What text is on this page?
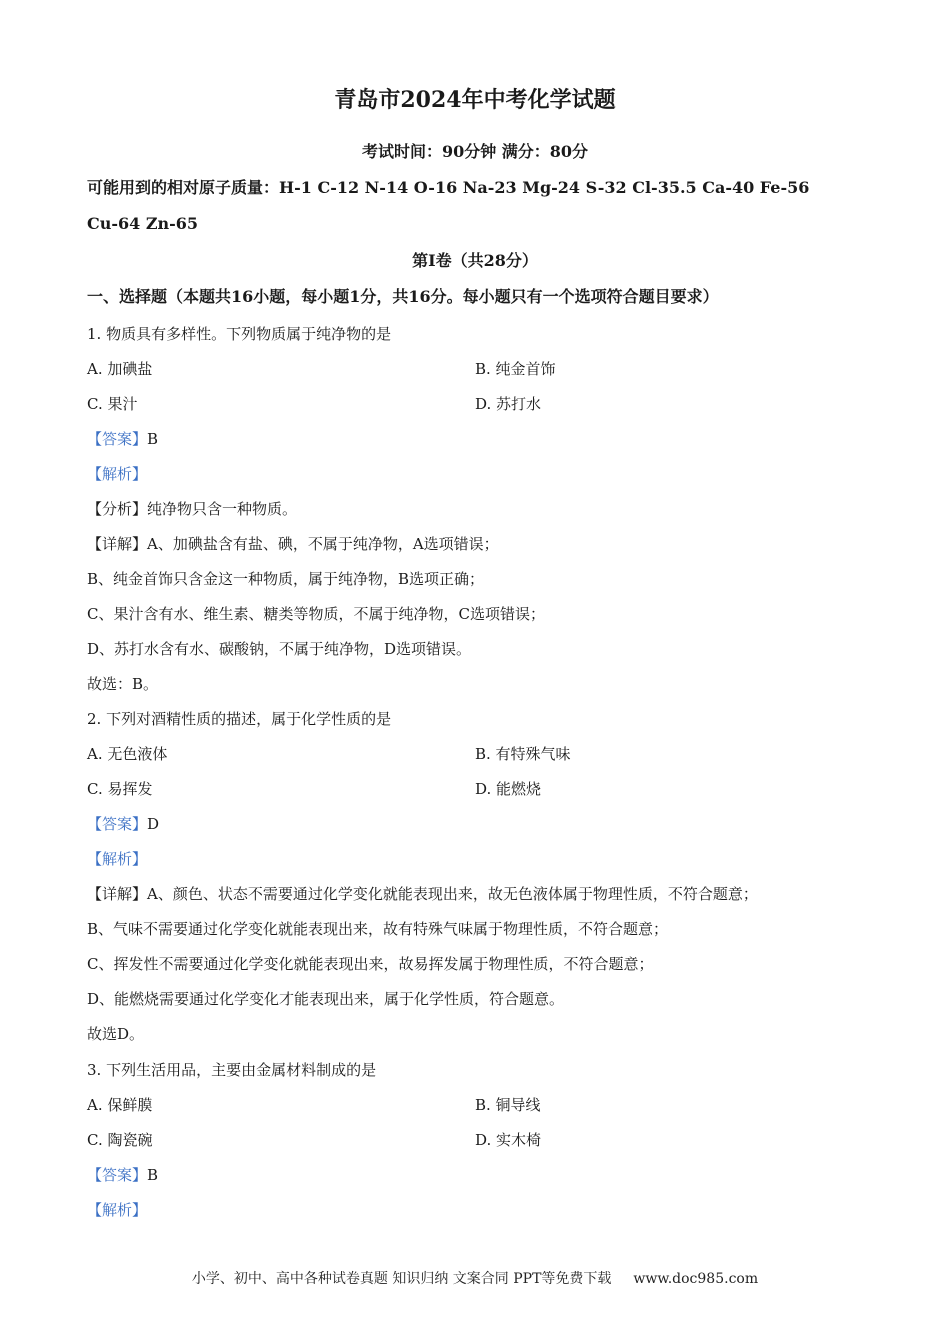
青岛市2024年中考化学试题
考试时间：90分钟 满分：80分
可能用到的相对原子质量：H-1 C-12 N-14 O-16 Na-23 Mg-24 S-32 Cl-35.5 Ca-40 Fe-56
Cu-64 Zn-65
第Ⅰ卷（共28分）
一、选择题（本题共16小题，每小题1分，共16分。每小题只有一个选项符合题目要求）
1. 物质具有多样性。下列物质属于纯净物的是
A. 加碘盐	B. 纯金首饰
C. 果汁	D. 苏打水
【答案】B
【解析】
【分析】纯净物只含一种物质。
【详解】A、加碘盐含有盐、碘，不属于纯净物，A选项错误；
B、纯金首饰只含金这一种物质，属于纯净物，B选项正确；
C、果汁含有水、维生素、糖类等物质，不属于纯净物，C选项错误；
D、苏打水含有水、碳酸钠，不属于纯净物，D选项错误。
故选：B。
2. 下列对酒精性质的描述，属于化学性质的是
A. 无色液体	B. 有特殊气味
C. 易挥发	D. 能燃烧
【答案】D
【解析】
【详解】A、颜色、状态不需要通过化学变化就能表现出来，故无色液体属于物理性质，不符合题意；
B、气味不需要通过化学变化就能表现出来，故有特殊气味属于物理性质，不符合题意；
C、挥发性不需要通过化学变化就能表现出来，故易挥发属于物理性质，不符合题意；
D、能燃烧需要通过化学变化才能表现出来，属于化学性质，符合题意。
故选D。
3. 下列生活用品，主要由金属材料制成的是
A. 保鲜膜	B. 铜导线
C. 陶瓷碗	D. 实木椅
【答案】B
【解析】
小学、初中、高中各种试卷真题 知识归纳 文案合同 PPT等免费下载 www.doc985.com
